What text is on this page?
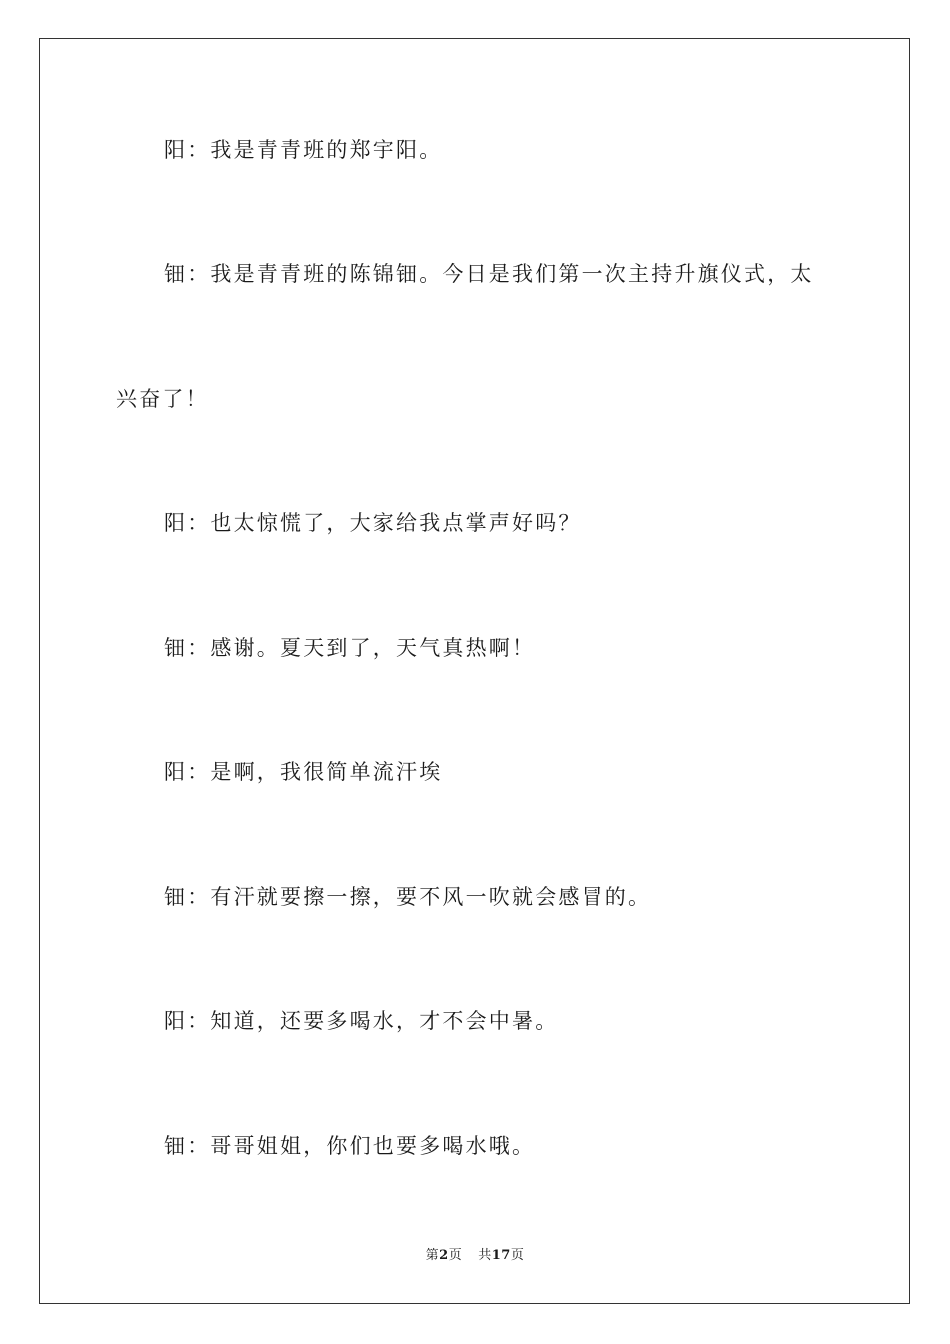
阳：我是青青班的郑宇阳。
钿：我是青青班的陈锦钿。今日是我们第一次主持升旗仪式，太
兴奋了！
阳：也太惊慌了，大家给我点掌声好吗？
钿：感谢。夏天到了，天气真热啊！
阳：是啊，我很简单流汗埃
钿：有汗就要擦一擦，要不风一吹就会感冒的。
阳：知道，还要多喝水，才不会中暑。
钿：哥哥姐姐，你们也要多喝水哦。
第2页 共17页
